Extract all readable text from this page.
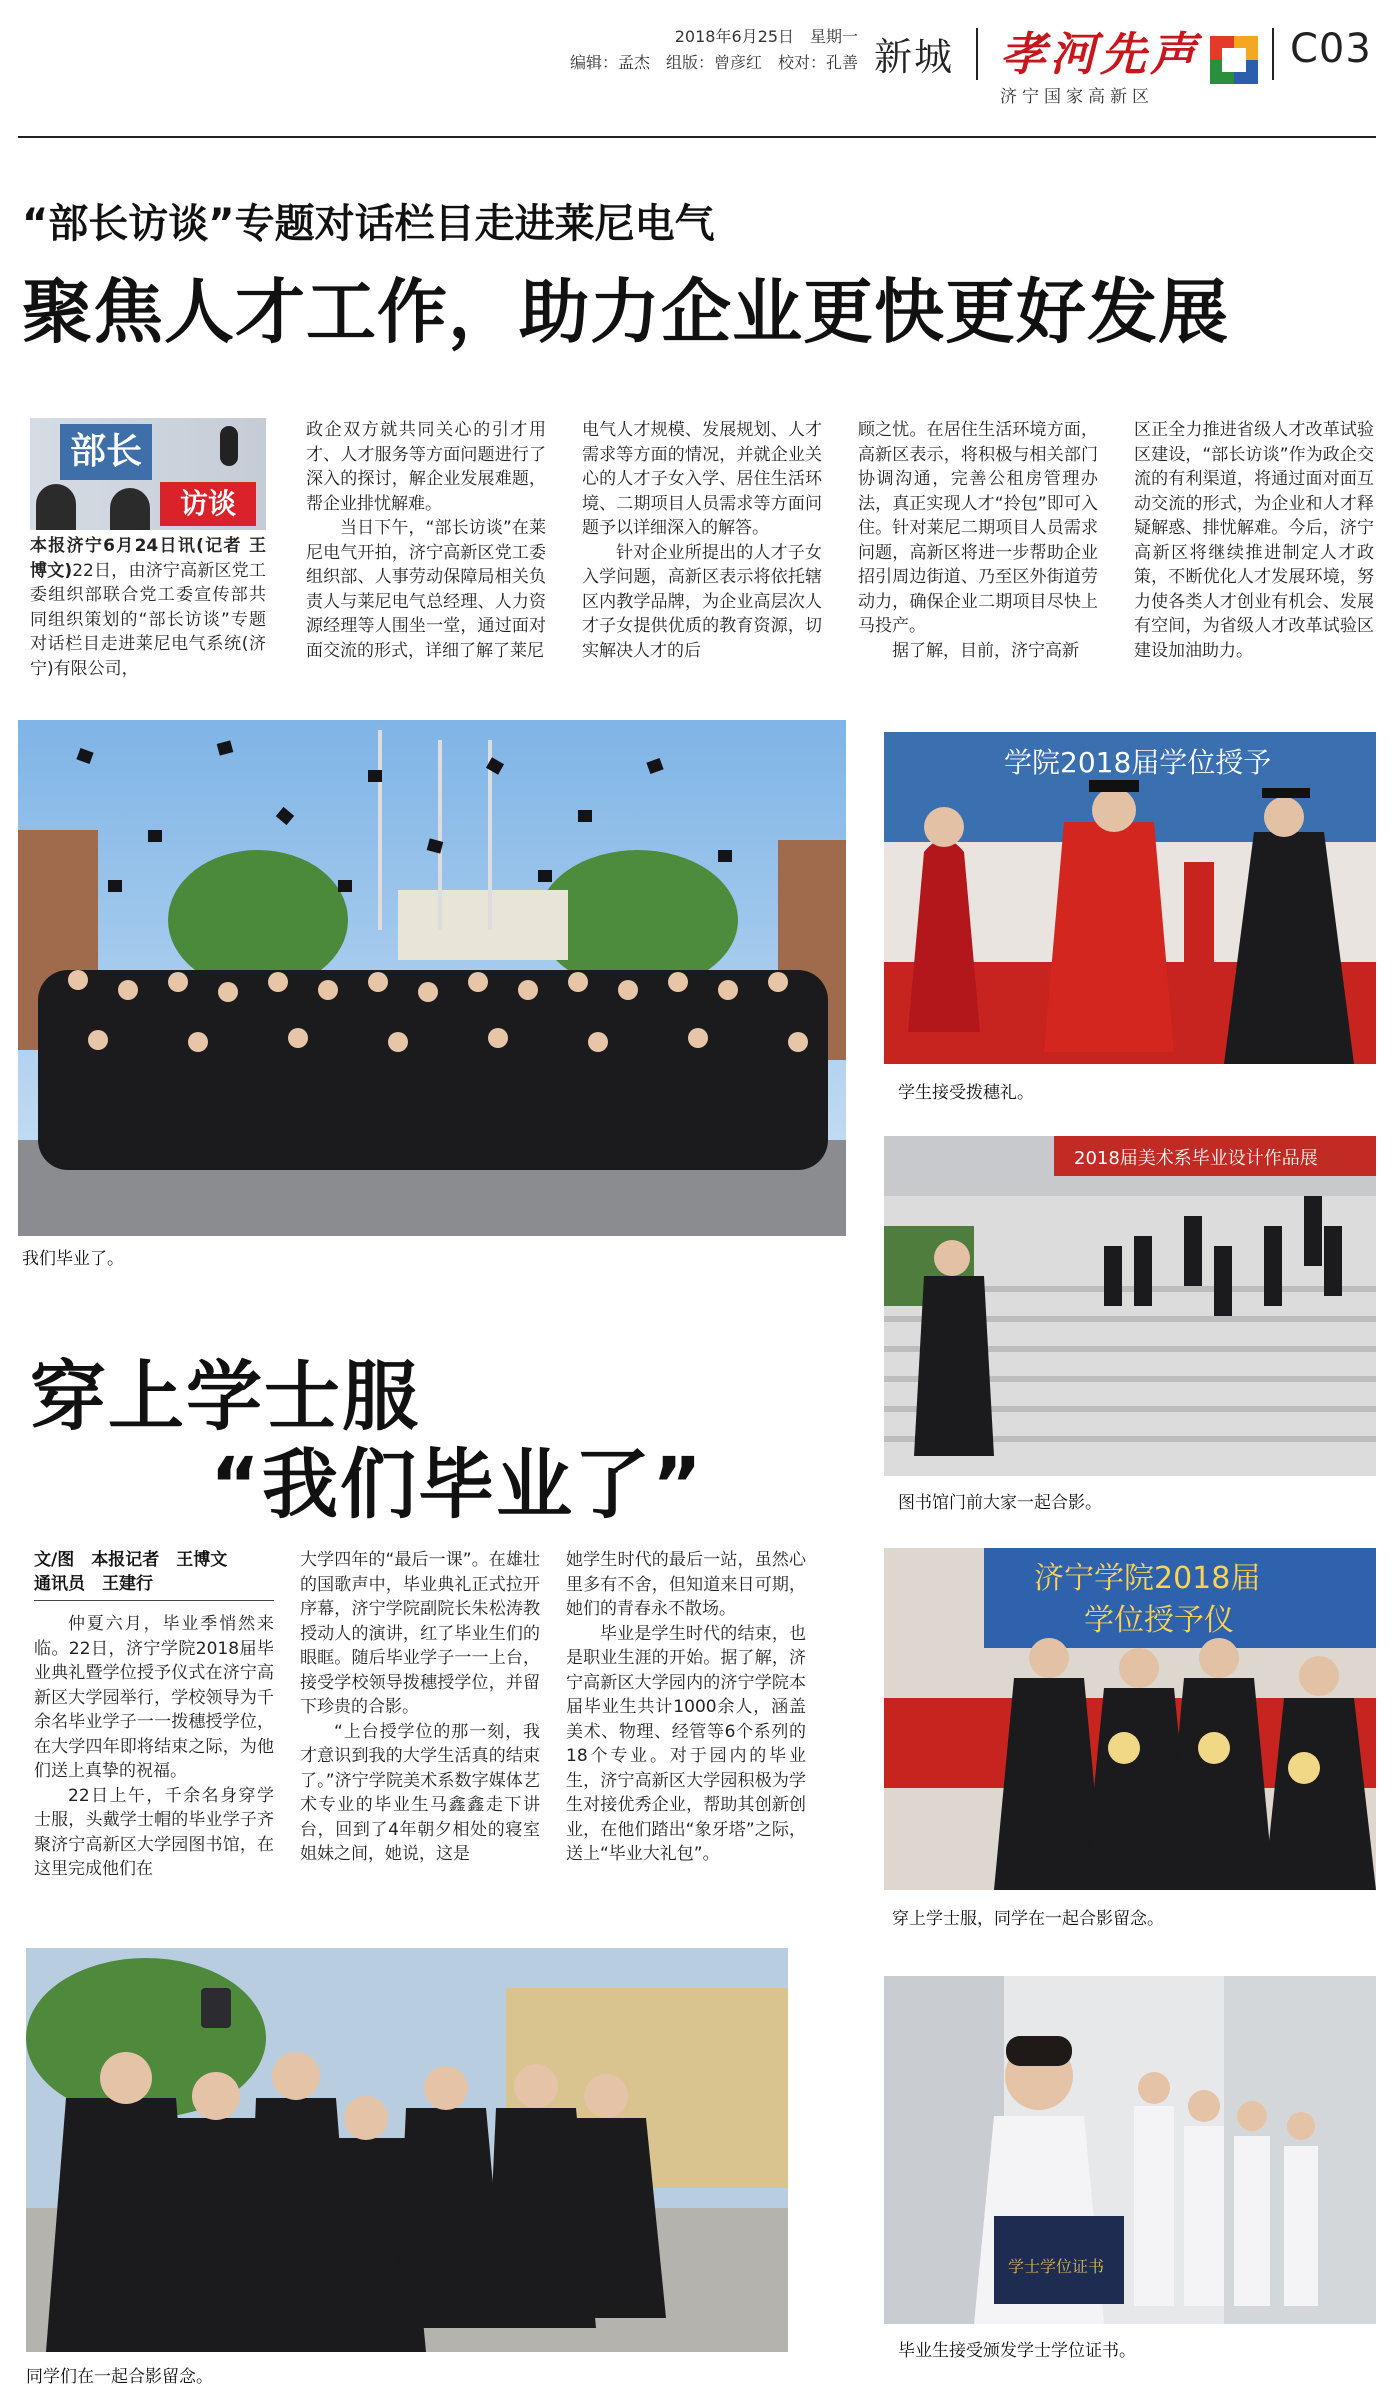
2018年6月25日　星期一
编辑：孟杰　组版：曾彦红　校对：孔善 新城 孝河先声
济宁国家高新区
C03
“部长访谈”专题对话栏目走进莱尼电气
聚焦人才工作，助力企业更快更好发展
部长
访谈

本报济宁6月24日讯(记者 王博文)22日，由济宁高新区党工委组织部联合党工委宣传部共同组织策划的“部长访谈”专题对话栏目走进莱尼电气系统(济宁)有限公司，

政企双方就共同关心的引才用才、人才服务等方面问题进行了深入的探讨，解企业发展难题，帮企业排忧解难。

当日下午，“部长访谈”在莱尼电气开拍，济宁高新区党工委组织部、人事劳动保障局相关负责人与莱尼电气总经理、人力资源经理等人围坐一堂，通过面对面交流的形式，详细了解了莱尼

电气人才规模、发展规划、人才需求等方面的情况，并就企业关心的人才子女入学、居住生活环境、二期项目人员需求等方面问题予以详细深入的解答。

针对企业所提出的人才子女入学问题，高新区表示将依托辖区内教学品牌，为企业高层次人才子女提供优质的教育资源，切实解决人才的后

顾之忧。在居住生活环境方面，高新区表示，将积极与相关部门协调沟通，完善公租房管理办法，真正实现人才“拎包”即可入住。针对莱尼二期项目人员需求问题，高新区将进一步帮助企业招引周边街道、乃至区外街道劳动力，确保企业二期项目尽快上马投产。

据了解，目前，济宁高新

区正全力推进省级人才改革试验区建设，“部长访谈”作为政企交流的有利渠道，将通过面对面互动交流的形式，为企业和人才释疑解惑、排忧解难。今后，济宁高新区将继续推进制定人才政策，不断优化人才发展环境，努力使各类人才创业有机会、发展有空间，为省级人才改革试验区建设加油助力。

我们毕业了。
学院2018届学位授予
学生接受拨穗礼。
2018届美术系毕业设计作品展
图书馆门前大家一起合影。
济宁学院2018届
学位授予仪
穿上学士服，同学在一起合影留念。
学士学位证书
毕业生接受颁发学士学位证书。
穿上学士服
“我们毕业了”
文/图　本报记者　王博文
通讯员　王建行

仲夏六月，毕业季悄然来临。22日，济宁学院2018届毕业典礼暨学位授予仪式在济宁高新区大学园举行，学校领导为千余名毕业学子一一拨穗授学位，在大学四年即将结束之际，为他们送上真挚的祝福。

22日上午，千余名身穿学士服，头戴学士帽的毕业学子齐聚济宁高新区大学园图书馆，在这里完成他们在

大学四年的“最后一课”。在雄壮的国歌声中，毕业典礼正式拉开序幕，济宁学院副院长朱松涛教授动人的演讲，红了毕业生们的眼眶。随后毕业学子一一上台，接受学校领导拨穗授学位，并留下珍贵的合影。

“上台授学位的那一刻，我才意识到我的大学生活真的结束了。”济宁学院美术系数字媒体艺术专业的毕业生马鑫鑫走下讲台，回到了4年朝夕相处的寝室姐妹之间，她说，这是

她学生时代的最后一站，虽然心里多有不舍，但知道来日可期，她们的青春永不散场。

毕业是学生时代的结束，也是职业生涯的开始。据了解，济宁高新区大学园内的济宁学院本届毕业生共计1000余人，涵盖美术、物理、经管等6个系列的18个专业。对于园内的毕业生，济宁高新区大学园积极为学生对接优秀企业，帮助其创新创业，在他们踏出“象牙塔”之际，送上“毕业大礼包”。

同学们在一起合影留念。
